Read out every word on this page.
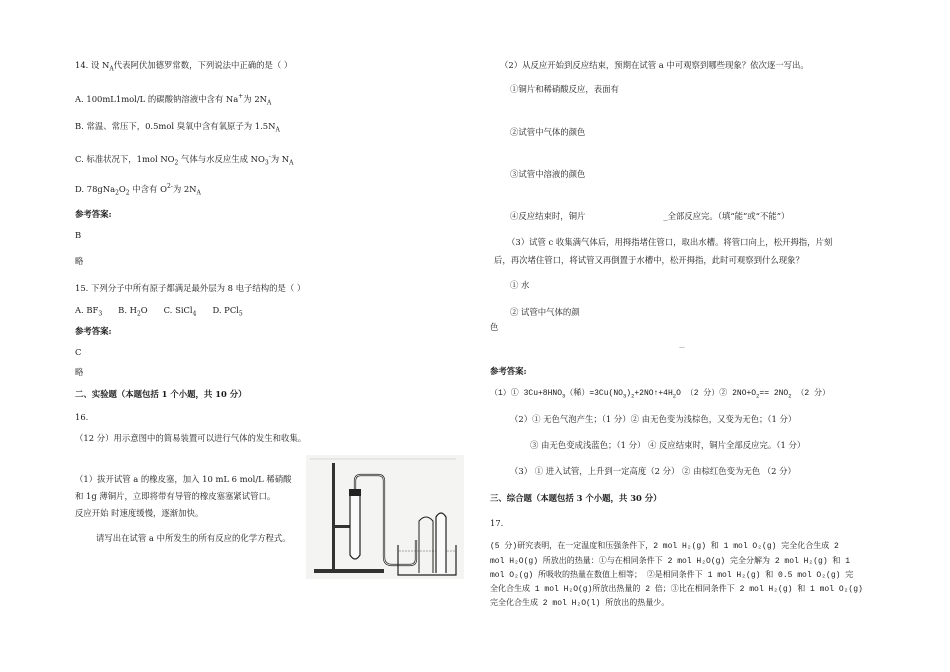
14. 设 $N_A$代表阿伏加德罗常数，下列说法中正确的是（ ）
A. 100mL1mol/L 的碳酸钠溶液中含有 Na+为 $2N_A$
B. 常温、常压下，0.5mol 臭氧中含有氧原子为 $1.5N_A$
C. 标准状况下，1mol $NO_2$ 气体与水反应生成 $NO_3^-$为 $N_A$
D. $78gNa_2O_2$ 中含有 $O^{2-}$为 $2N_A$
参考答案:
B
略
15. 下列分子中所有原子都满足最外层为 8 电子结构的是（ ）
A. $BF_3$ B. $H_2O$ C. SiCl$_4$ D. PCl$_5$
参考答案:
C
略
二、实验题（本题包括 1 个小题，共 10 分）
16.
（12 分）用示意图中的简易装置可以进行气体的发生和收集。
（1）拔开试管 a 的橡皮塞，加入 10 mL 6 mol/L 稀硝酸
和 1g 薄铜片，立即将带有导管的橡皮塞塞紧试管口。
反应开始 时速度缓慢，逐渐加快。
请写出在试管 a 中所发生的所有反应的化学方程式。
（2）从反应开始到反应结束，预期在试管 a 中可观察到哪些现象？依次逐一写出。
①铜片和稀硝酸反应，表面有
②试管中气体的颜色
③试管中溶液的颜色
④反应结束时，铜片	_全部反应完。（填“能”或“不能”）
（3）试管 c 收集满气体后，用拇指堵住管口，取出水槽。将管口向上，松开拇指，片刻
后，再次堵住管口，将试管又再倒置于水槽中，松开拇指，此时可观察到什么现象？
① 水
② 试管中气体的颜
色
—
参考答案:
（1）① $3Cu+8HNO_3$（稀）$=3Cu(NO_3)_2+2NO↑+4H_2O$ （2 分）② $2NO+O_2== 2NO_2$ （2 分）
（2）① 无色气泡产生；（1 分）② 由无色变为浅棕色，又变为无色；（1 分）
③ 由无色变成浅蓝色；（1 分） ④ 反应结束时，铜片全部反应完。（1 分）
（3） ① 进入试管，上升到一定高度（2 分） ② 由棕红色变为无色 （2 分）
三、综合题（本题包括 3 个小题，共 30 分）
17.
(5 分)研究表明，在一定温度和压强条件下，2 mol H₂(g) 和 1 mol O₂(g) 完全化合生成 2
mol H₂O(g) 所放出的热量：①与在相同条件下 2 mol H₂O(g) 完全分解为 2 mol H₂(g) 和 1
mol O₂(g) 所吸收的热量在数值上相等； ②是相同条件下 1 mol H₂(g) 和 0.5 mol O₂(g) 完
全化合生成 1 mol H₂O(g)所放出热量的 2 倍；③比在相同条件下 2 mol H₂(g) 和 1 mol O₂(g)
完全化合生成 2 mol H₂O(l) 所放出的热量少。
